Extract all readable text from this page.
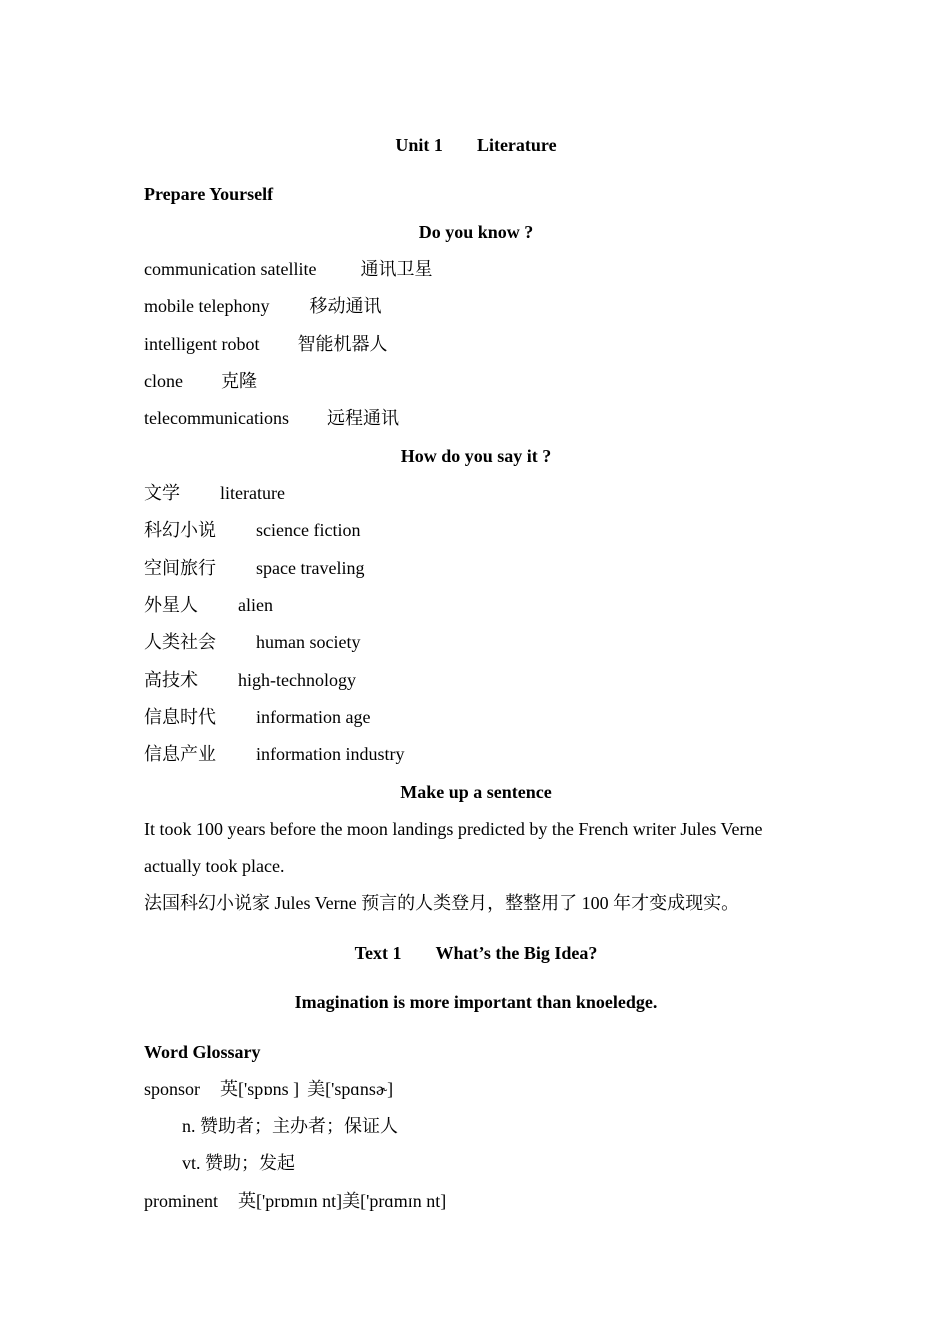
Unit 1 Literature
Prepare Yourself
Do you know ?
communication satellite 通讯卫星
mobile telephony 移动通讯
intelligent robot 智能机器人
clone 克隆
telecommunications 远程通讯
How do you say it ?
文学 literature
科幻小说 science fiction
空间旅行 space traveling
外星人 alien
人类社会 human society
高技术 high-technology
信息时代 information age
信息产业 information industry
Make up a sentence
It took 100 years before the moon landings predicted by the French writer Jules Verne
actually took place.
法国科幻小说家 Jules Verne 预言的人类登月，整整用了 100 年才变成现实。
Text 1 What’s the Big Idea?
Imagination is more important than knoeledge.
Word Glossary
sponsor 英['spɒns ] 美['spɑnsɚ]
n. 赞助者；主办者；保证人
vt. 赞助；发起
prominent 英['prɒmɪn nt]美['prɑmɪn nt]
